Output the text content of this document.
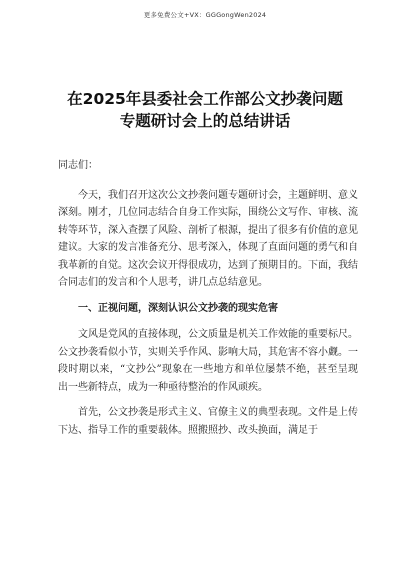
更多免费公文+VX：GGGongWen2024
在2025年县委社会工作部公文抄袭问题
专题研讨会上的总结讲话
同志们：

今天，我们召开这次公文抄袭问题专题研讨会，主题鲜明、意义深刻。刚才，几位同志结合自身工作实际，围绕公文写作、审核、流转等环节，深入查摆了风险、剖析了根源，提出了很多有价值的意见建议。大家的发言准备充分、思考深入，体现了直面问题的勇气和自我革新的自觉。这次会议开得很成功，达到了预期目的。下面，我结合同志们的发言和个人思考，讲几点总结意见。

一、正视问题，深刻认识公文抄袭的现实危害

文风是党风的直接体现，公文质量是机关工作效能的重要标尺。公文抄袭看似小节，实则关乎作风、影响大局，其危害不容小觑。一段时期以来，“文抄公”现象在一些地方和单位屡禁不绝，甚至呈现出一些新特点，成为一种亟待整治的作风顽疾。

首先，公文抄袭是形式主义、官僚主义的典型表现。文件是上传下达、指导工作的重要载体。照搬照抄、改头换面，满足于
